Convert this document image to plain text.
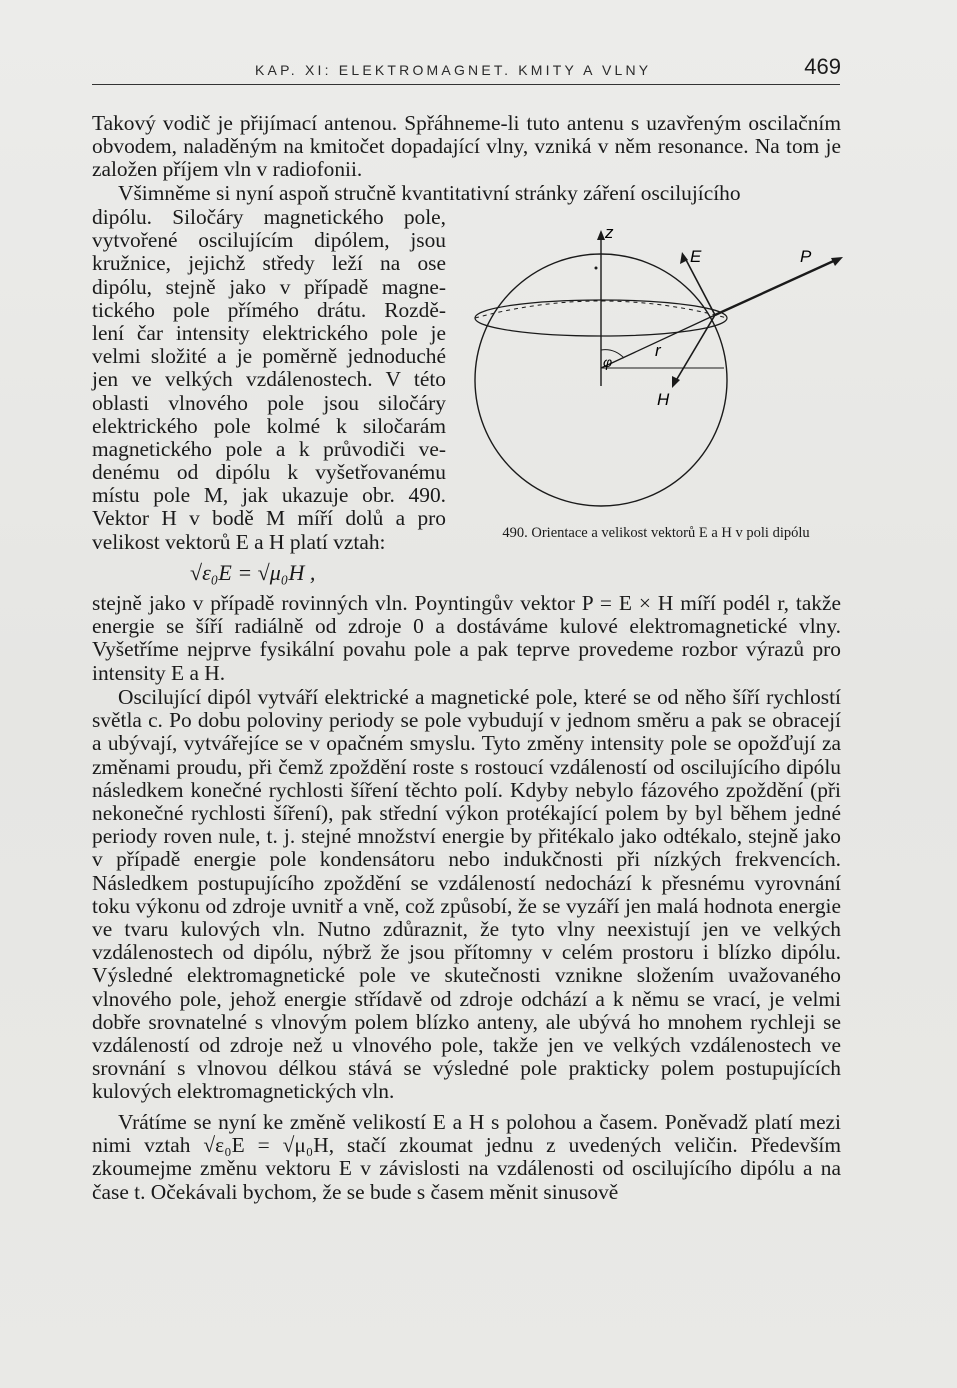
KAP. XI: ELEKTROMAGNET. KMITY A VLNY	469

Takový vodič je přijímací antenou. Spřáhneme-li tuto antenu s uzavřeným oscilačním obvodem, naladěným na kmitočet dopadající vlny, vzniká v něm resonance. Na tom je založen příjem vln v radiofonii.

Všimněme si nyní aspoň stručně kvantitativní stránky záření oscilujícího

dipólu. Siločáry magnetického pole,
vytvořené oscilujícím dipólem, jsou
kružnice, jejichž středy leží na ose
dipólu, stejně jako v případě magne-
tického pole přímého drátu. Rozdě-
lení čar intensity elektrického pole je
velmi složité a je poměrně jednoduché
jen ve velkých vzdálenostech. V této
oblasti vlnového pole jsou siločáry
elektrického pole kolmé k siločarám
magnetického pole a k průvodiči ve-
denému od dipólu k vyšetřovanému
místu pole M, jak ukazuje obr. 490.
Vektor H v bodě M míří dolů a pro
velikost vektorů E a H platí vztah:
√ε₀E = √μ₀H ,
z
E	P
r
φ
H
490. Orientace a velikost vektorů E a H v poli dipólu

stejně jako v případě rovinných vln. Poyntingův vektor P = E × H míří podél r, takže energie se šíří radiálně od zdroje 0 a dostáváme kulové elektromagnetické vlny. Vyšetříme nejprve fysikální povahu pole a pak teprve provedeme rozbor výrazů pro intensity E a H.

Oscilující dipól vytváří elektrické a magnetické pole, které se od něho šíří rychlostí světla c. Po dobu poloviny periody se pole vybudují v jednom směru a pak se obracejí a ubývají, vytvářejíce se v opačném smyslu. Tyto změny intensity pole se opožďují za změnami proudu, při čemž zpoždění roste s rostoucí vzdáleností od oscilujícího dipólu následkem konečné rychlosti šíření těchto polí. Kdyby nebylo fázového zpoždění (při nekonečné rychlosti šíření), pak střední výkon protékající polem by byl během jedné periody roven nule, t. j. stejné množství energie by přitékalo jako odtékalo, stejně jako v případě energie pole kondensátoru nebo indukčnosti při nízkých frekvencích. Následkem postupujícího zpoždění se vzdáleností nedochází k přesnému vyrovnání toku výkonu od zdroje uvnitř a vně, což způsobí, že se vyzáří jen malá hodnota energie ve tvaru kulových vln. Nutno zdůraznit, že tyto vlny neexistují jen ve velkých vzdálenostech od dipólu, nýbrž že jsou přítomny v celém prostoru i blízko dipólu. Výsledné elektromagnetické pole ve skutečnosti vznikne složením uvažovaného vlnového pole, jehož energie střídavě od zdroje odchází a k němu se vrací, je velmi dobře srovnatelné s vlnovým polem blízko anteny, ale ubývá ho mnohem rychleji se vzdáleností od zdroje než u vlnového pole, takže jen ve velkých vzdálenostech ve srovnání s vlnovou délkou stává se výsledné pole prakticky polem postupujících kulových elektromagnetických vln.

Vrátíme se nyní ke změně velikostí E a H s polohou a časem. Poněvadž platí mezi nimi vztah √ε₀E = √μ₀H, stačí zkoumat jednu z uvedených veličin. Především zkoumejme změnu vektoru E v závislosti na vzdálenosti od oscilujícího dipólu a na čase t. Očekávali bychom, že se bude s časem měnit sinusově
